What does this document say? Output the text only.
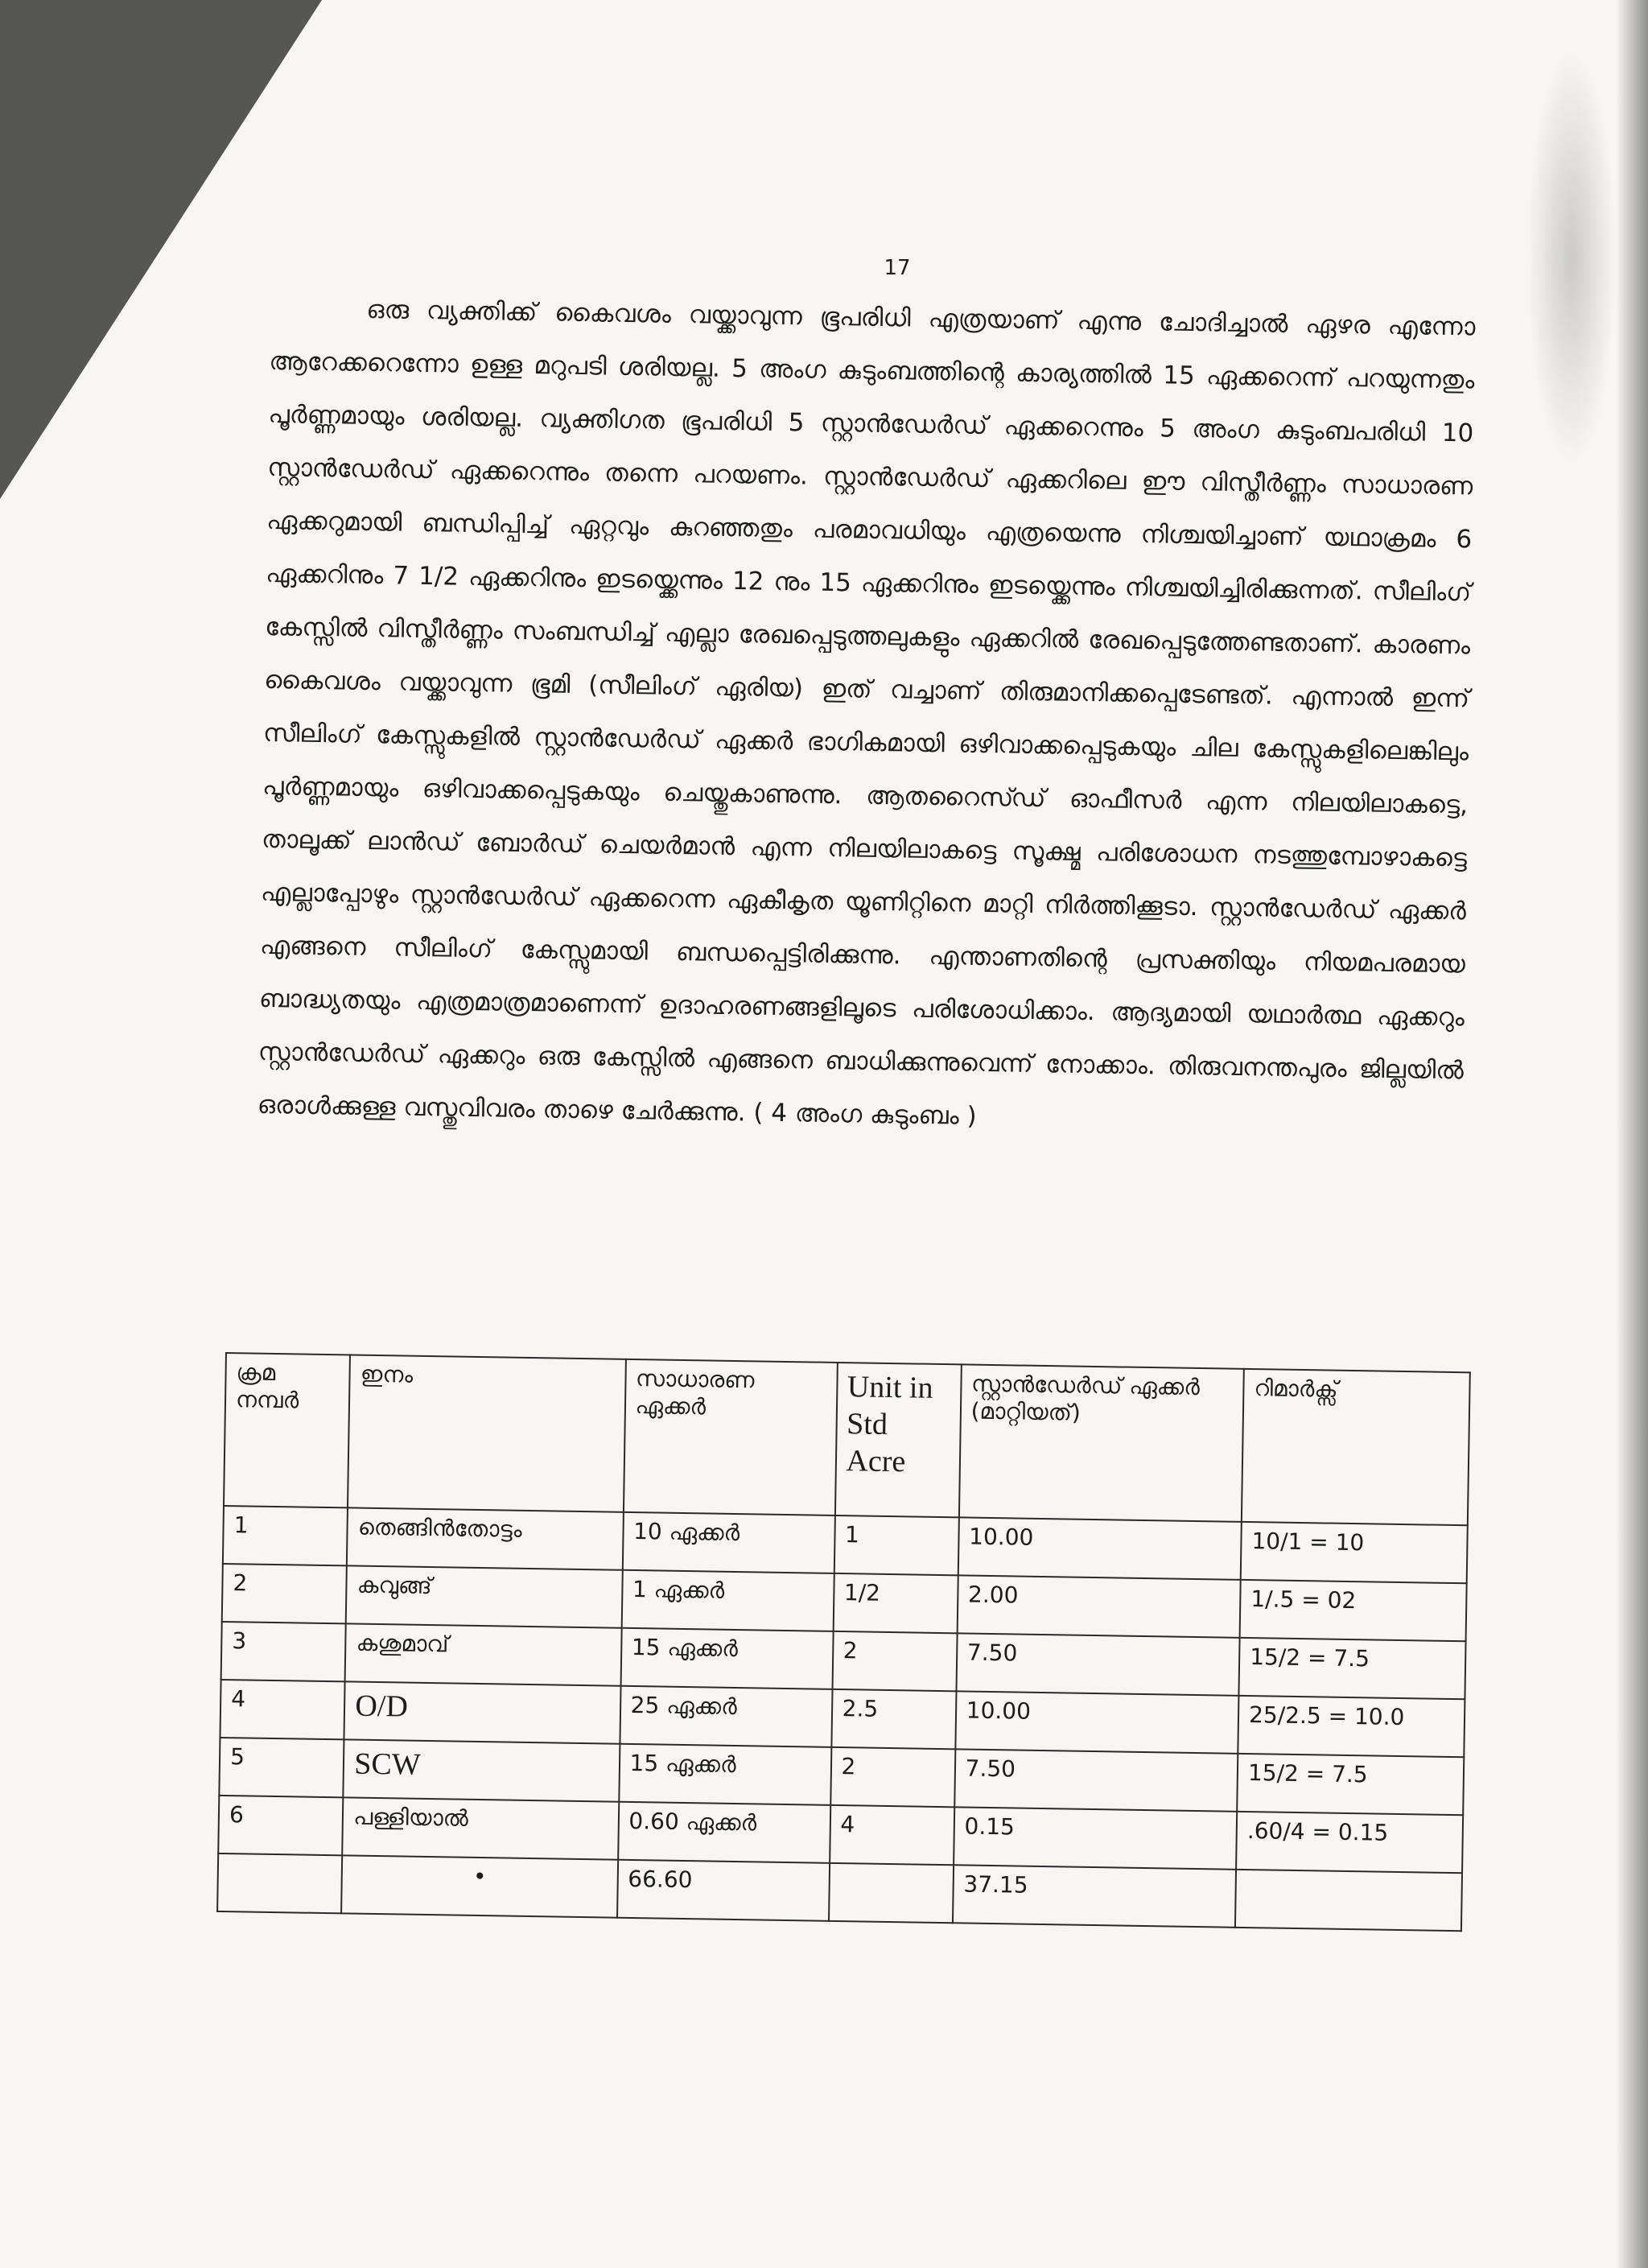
17

ഒരു വ്യക്തിക്ക് കൈവശം വയ്ക്കാവുന്ന ഭൂപരിധി എത്രയാണ് എന്നു ചോദിച്ചാൽ ഏഴര എന്നോ ആറേക്കറെന്നോ ഉള്ള മറുപടി ശരിയല്ല. 5 അംഗ കുടുംബത്തിന്റെ കാര്യത്തിൽ 15 ഏക്കറെന്ന് പറയുന്നതും പൂർണ്ണമായും ശരിയല്ല. വ്യക്തിഗത ഭൂപരിധി 5 സ്റ്റാൻഡേർഡ് ഏക്കറെന്നും 5 അംഗ കുടുംബപരിധി 10 സ്റ്റാൻഡേർഡ് ഏക്കറെന്നും തന്നെ പറയണം. സ്റ്റാൻഡേർഡ് ഏക്കറിലെ ഈ വിസ്തീർണ്ണം സാധാരണ ഏക്കറുമായി ബന്ധിപ്പിച്ച് ഏറ്റവും കുറഞ്ഞതും പരമാവധിയും എത്രയെന്നു നിശ്ചയിച്ചാണ് യഥാക്രമം 6 ഏക്കറിനും 7 1/2 ഏക്കറിനും ഇടയ്ക്കെന്നും 12 നും 15 ഏക്കറിനും ഇടയ്ക്കെന്നും നിശ്ചയിച്ചിരിക്കുന്നത്. സീലിംഗ് കേസ്സിൽ വിസ്തീർണ്ണം സംബന്ധിച്ച് എല്ലാ രേഖപ്പെടുത്തലുകളും ഏക്കറിൽ രേഖപ്പെടുത്തേണ്ടതാണ്. കാരണം കൈവശം വയ്ക്കാവുന്ന ഭൂമി (സീലിംഗ് ഏരിയ) ഇത് വച്ചാണ് തിരുമാനിക്കപ്പെടേണ്ടത്. എന്നാൽ ഇന്ന് സീലിംഗ് കേസ്സുകളിൽ സ്റ്റാൻഡേർഡ് ഏക്കർ ഭാഗികമായി ഒഴിവാക്കപ്പെടുകയും ചില കേസ്സുകളിലെങ്കിലും പൂർണ്ണമായും ഒഴിവാക്കപ്പെടുകയും ചെയ്തുകാണുന്നു. ആതറൈസ്ഡ് ഓഫീസർ എന്ന നിലയിലാകട്ടെ, താലൂക്ക് ലാൻഡ് ബോർഡ് ചെയർമാൻ എന്ന നിലയിലാകട്ടെ സൂക്ഷ്മ പരിശോധന നടത്തുമ്പോഴാകട്ടെ എല്ലാപ്പോഴും സ്റ്റാൻഡേർഡ് ഏക്കറെന്ന ഏകീകൃത യൂണിറ്റിനെ മാറ്റി നിർത്തിക്കൂടാ. സ്റ്റാൻഡേർഡ് ഏക്കർ എങ്ങനെ സീലിംഗ് കേസ്സുമായി ബന്ധപ്പെട്ടിരിക്കുന്നു. എന്താണതിന്റെ പ്രസക്തിയും നിയമപരമായ ബാദ്ധ്യതയും എത്രമാത്രമാണെന്ന് ഉദാഹരണങ്ങളിലൂടെ പരിശോധിക്കാം. ആദ്യമായി യഥാർത്ഥ ഏക്കറും സ്റ്റാൻഡേർഡ് ഏക്കറും ഒരു കേസ്സിൽ എങ്ങനെ ബാധിക്കുന്നുവെന്ന് നോക്കാം. തിരുവനന്തപുരം ജില്ലയിൽ ഒരാൾക്കുള്ള വസ്തുവിവരം താഴെ ചേർക്കുന്നു. ( 4 അംഗ കുടുംബം )

ക്രമ നമ്പർ	ഇനം	സാധാരണ ഏക്കർ	Unit in Std Acre	സ്റ്റാൻഡേർഡ് ഏക്കർ (മാറ്റിയത്)	റിമാർക്സ്
1	തെങ്ങിൻതോട്ടം	10 ഏക്കർ	1	10.00	10/1 = 10
2	കവുങ്ങ്	1 ഏക്കർ	1/2	2.00	1/.5 = 02
3	കശുമാവ്	15 ഏക്കർ	2	7.50	15/2 = 7.5
4	O/D	25 ഏക്കർ	2.5	10.00	25/2.5 = 10.0
5	SCW	15 ഏക്കർ	2	7.50	15/2 = 7.5
6	പള്ളിയാൽ	0.60 ഏക്കർ	4	0.15	.60/4 = 0.15
	•	66.60		37.15	
